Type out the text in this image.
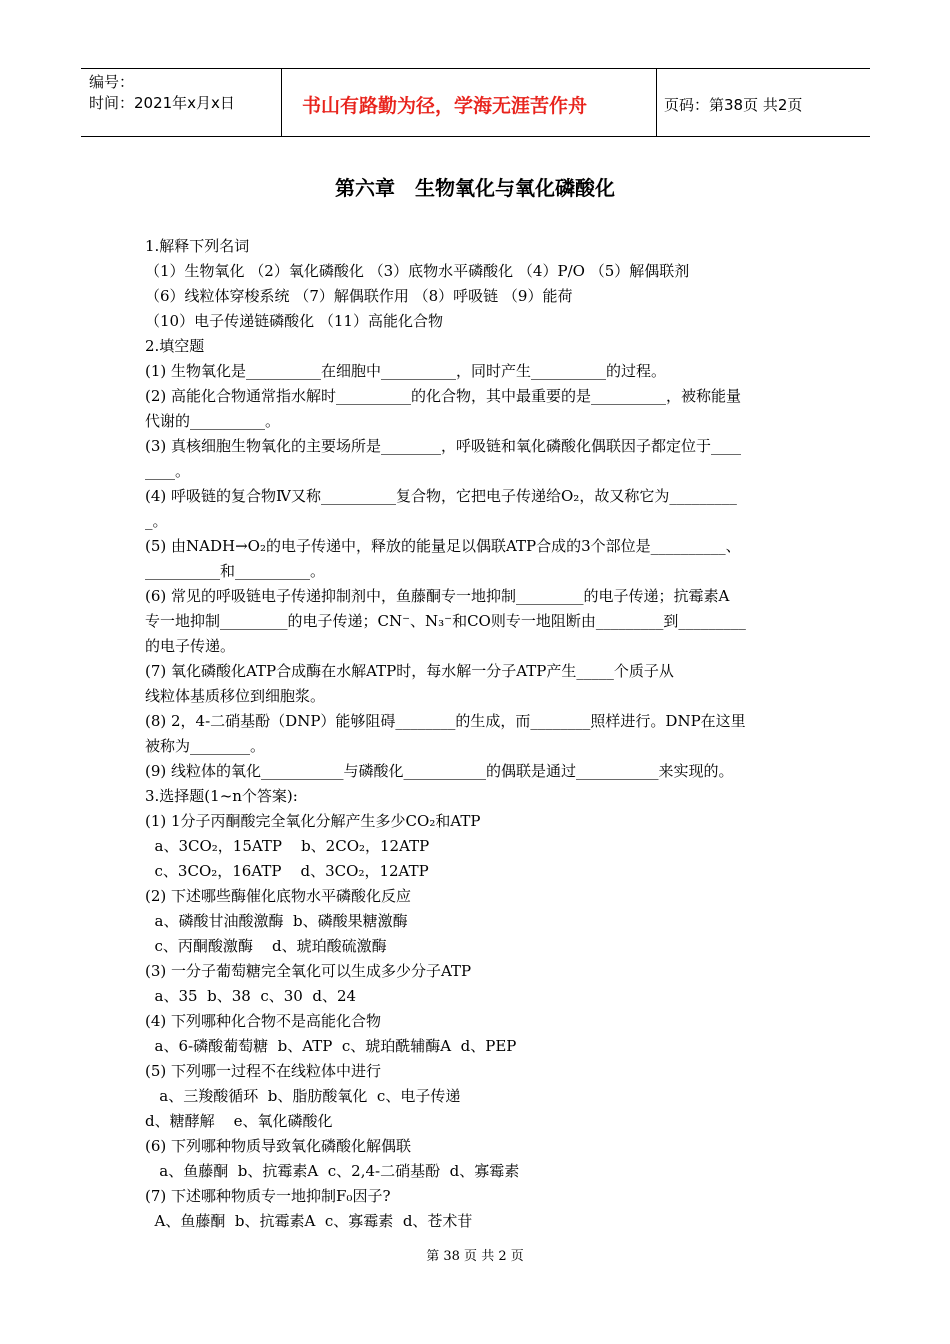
编号：
时间：2021年x月x日	书山有路勤为径，学海无涯苦作舟	页码：第38页 共2页
第六章　生物氧化与氧化磷酸化
1.解释下列名词
（1）生物氧化 （2）氧化磷酸化 （3）底物水平磷酸化 （4）P/O （5）解偶联剂
（6）线粒体穿梭系统 （7）解偶联作用 （8）呼吸链 （9）能荷
（10）电子传递链磷酸化 （11）高能化合物
2.填空题
(1) 生物氧化是__________在细胞中__________，同时产生__________的过程。
(2) 高能化合物通常指水解时__________的化合物，其中最重要的是__________，被称能量
代谢的__________。
(3) 真核细胞生物氧化的主要场所是________，呼吸链和氧化磷酸化偶联因子都定位于____
____。
(4) 呼吸链的复合物Ⅳ又称__________复合物，它把电子传递给O₂，故又称它为_________
_。
(5) 由NADH→O₂的电子传递中，释放的能量足以偶联ATP合成的3个部位是__________、
__________和__________。
(6) 常见的呼吸链电子传递抑制剂中，鱼藤酮专一地抑制_________的电子传递；抗霉素A
专一地抑制_________的电子传递；CN⁻、N₃⁻和CO则专一地阻断由_________到_________
的电子传递。
(7) 氧化磷酸化ATP合成酶在水解ATP时，每水解一分子ATP产生_____个质子从
线粒体基质移位到细胞浆。
(8) 2，4-二硝基酚（DNP）能够阻碍________的生成，而________照样进行。DNP在这里
被称为________。
(9) 线粒体的氧化___________与磷酸化___________的偶联是通过___________来实现的。
3.选择题(1~n个答案):
(1) 1分子丙酮酸完全氧化分解产生多少CO₂和ATP
a、3CO₂，15ATP    b、2CO₂，12ATP
c、3CO₂，16ATP    d、3CO₂，12ATP
(2) 下述哪些酶催化底物水平磷酸化反应
a、磷酸甘油酸激酶  b、磷酸果糖激酶
c、丙酮酸激酶    d、琥珀酸硫激酶
(3) 一分子葡萄糖完全氧化可以生成多少分子ATP
a、35  b、38  c、30  d、24
(4) 下列哪种化合物不是高能化合物
a、6-磷酸葡萄糖  b、ATP  c、琥珀酰辅酶A  d、PEP
(5) 下列哪一过程不在线粒体中进行
a、三羧酸循环  b、脂肪酸氧化  c、电子传递
d、糖酵解    e、氧化磷酸化
(6) 下列哪种物质导致氧化磷酸化解偶联
a、鱼藤酮  b、抗霉素A  c、2,4-二硝基酚  d、寡霉素
(7) 下述哪种物质专一地抑制F₀因子?
A、鱼藤酮  b、抗霉素A  c、寡霉素  d、苍术苷
第 38 页 共 2 页
